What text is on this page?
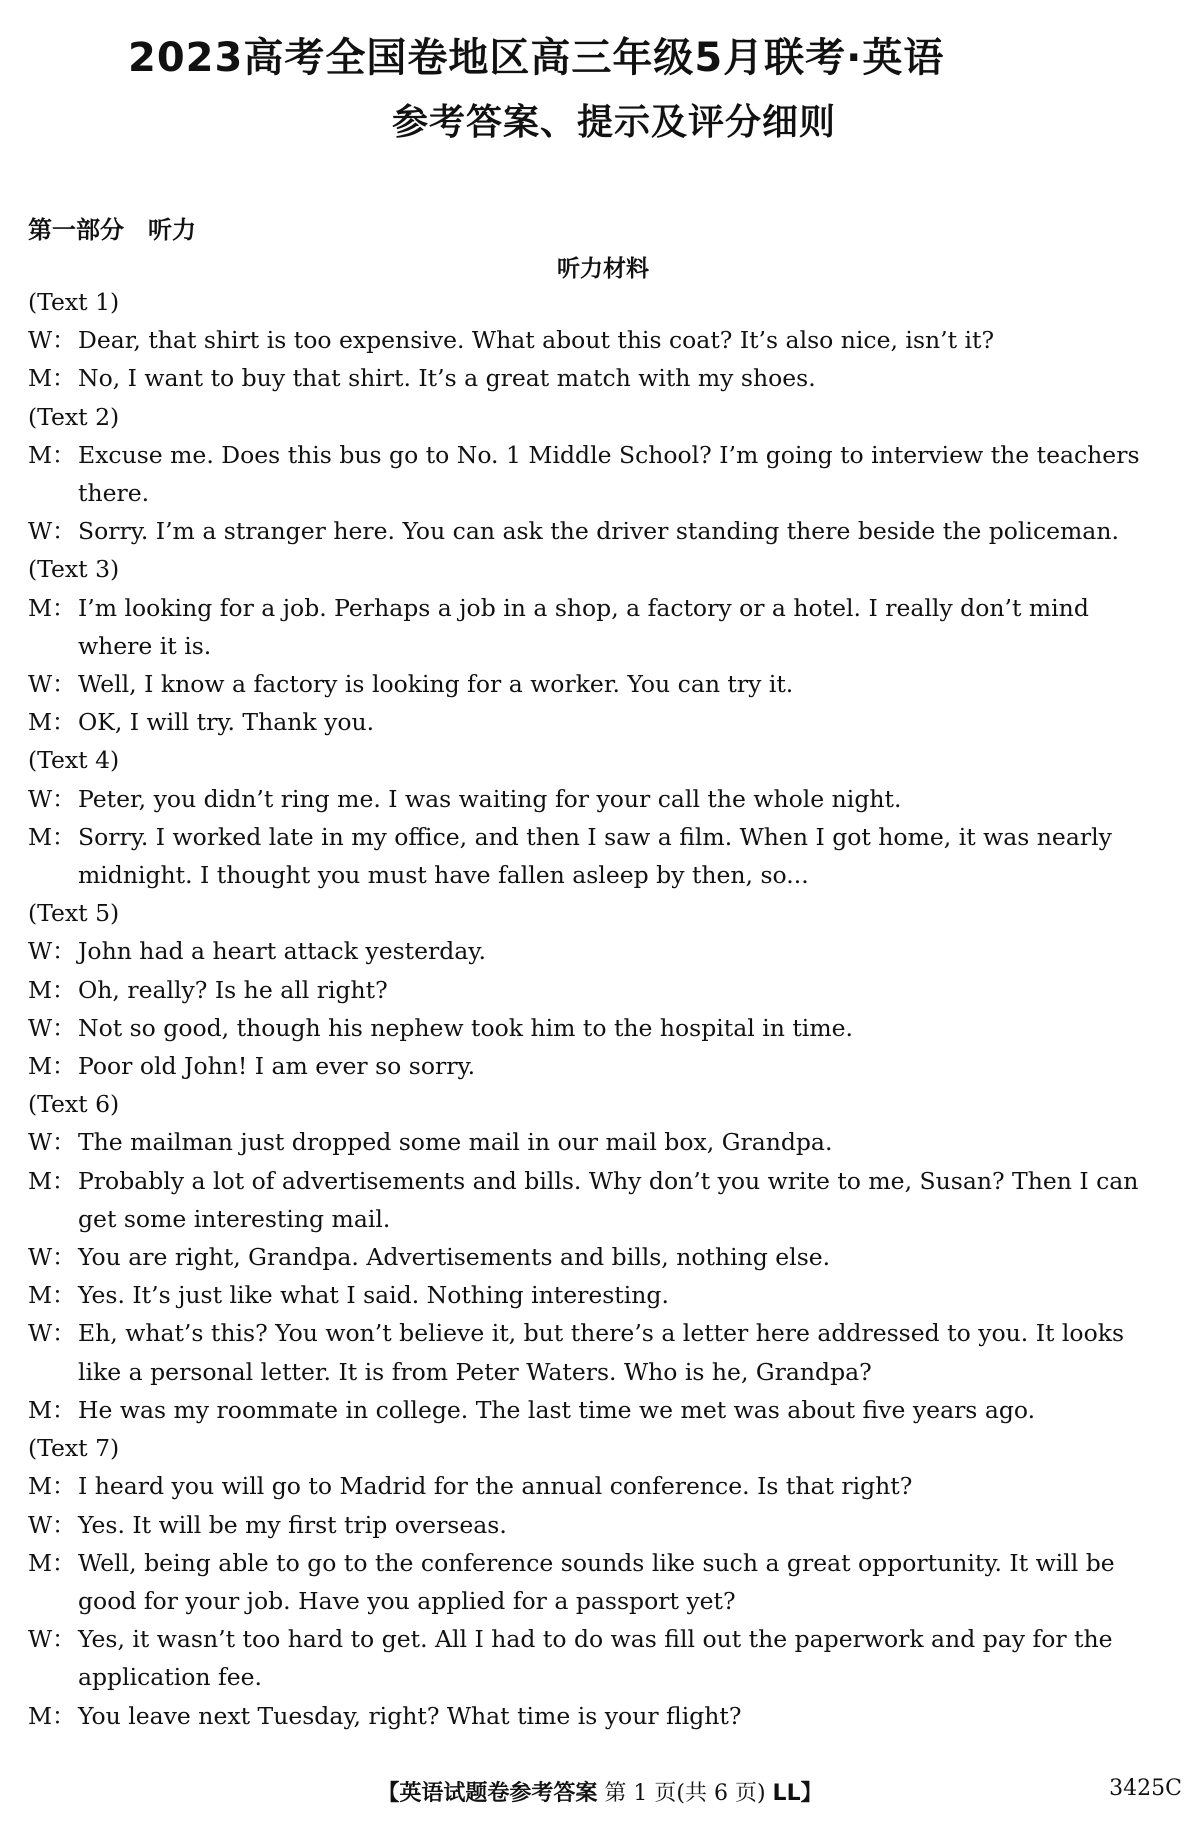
2023高考全国卷地区高三年级5月联考·英语
参考答案、提示及评分细则
第一部分　听力
听力材料
(Text 1)
W： Dear, that shirt is too expensive. What about this coat? It’s also nice, isn’t it?
M： No, I want to buy that shirt. It’s a great match with my shoes.
(Text 2)
M： Excuse me. Does this bus go to No. 1 Middle School? I’m going to interview the teachers
there.
W： Sorry. I’m a stranger here. You can ask the driver standing there beside the policeman.
(Text 3)
M： I’m looking for a job. Perhaps a job in a shop, a factory or a hotel. I really don’t mind
where it is.
W： Well, I know a factory is looking for a worker. You can try it.
M： OK, I will try. Thank you.
(Text 4)
W： Peter, you didn’t ring me. I was waiting for your call the whole night.
M： Sorry. I worked late in my office, and then I saw a film. When I got home, it was nearly
midnight. I thought you must have fallen asleep by then, so...
(Text 5)
W： John had a heart attack yesterday.
M： Oh, really? Is he all right?
W： Not so good, though his nephew took him to the hospital in time.
M： Poor old John! I am ever so sorry.
(Text 6)
W： The mailman just dropped some mail in our mail box, Grandpa.
M： Probably a lot of advertisements and bills. Why don’t you write to me, Susan? Then I can
get some interesting mail.
W： You are right, Grandpa. Advertisements and bills, nothing else.
M： Yes. It’s just like what I said. Nothing interesting.
W： Eh, what’s this? You won’t believe it, but there’s a letter here addressed to you. It looks
like a personal letter. It is from Peter Waters. Who is he, Grandpa?
M： He was my roommate in college. The last time we met was about five years ago.
(Text 7)
M： I heard you will go to Madrid for the annual conference. Is that right?
W： Yes. It will be my first trip overseas.
M： Well, being able to go to the conference sounds like such a great opportunity. It will be
good for your job. Have you applied for a passport yet?
W： Yes, it wasn’t too hard to get. All I had to do was fill out the paperwork and pay for the
application fee.
M： You leave next Tuesday, right? What time is your flight?
【英语试题卷参考答案 第 1 页(共 6 页) LL】	3425C
